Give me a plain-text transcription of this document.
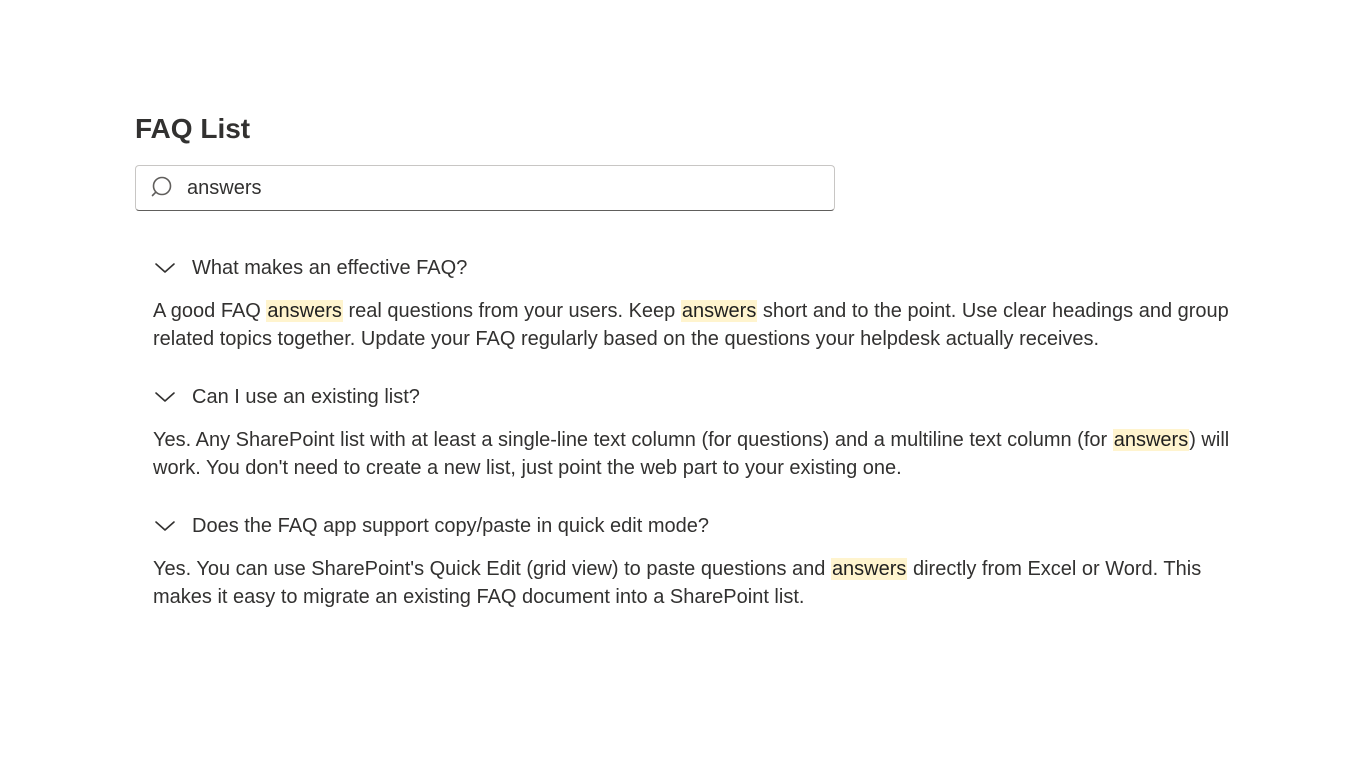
FAQ List
answers
What makes an effective FAQ?
A good FAQ answers real questions from your users. Keep answers short and to the point. Use clear headings and group related topics together. Update your FAQ regularly based on the questions your helpdesk actually receives.
Can I use an existing list?
Yes. Any SharePoint list with at least a single-line text column (for questions) and a multiline text column (for answers) will work. You don't need to create a new list, just point the web part to your existing one.
Does the FAQ app support copy/paste in quick edit mode?
Yes. You can use SharePoint's Quick Edit (grid view) to paste questions and answers directly from Excel or Word. This makes it easy to migrate an existing FAQ document into a SharePoint list.
